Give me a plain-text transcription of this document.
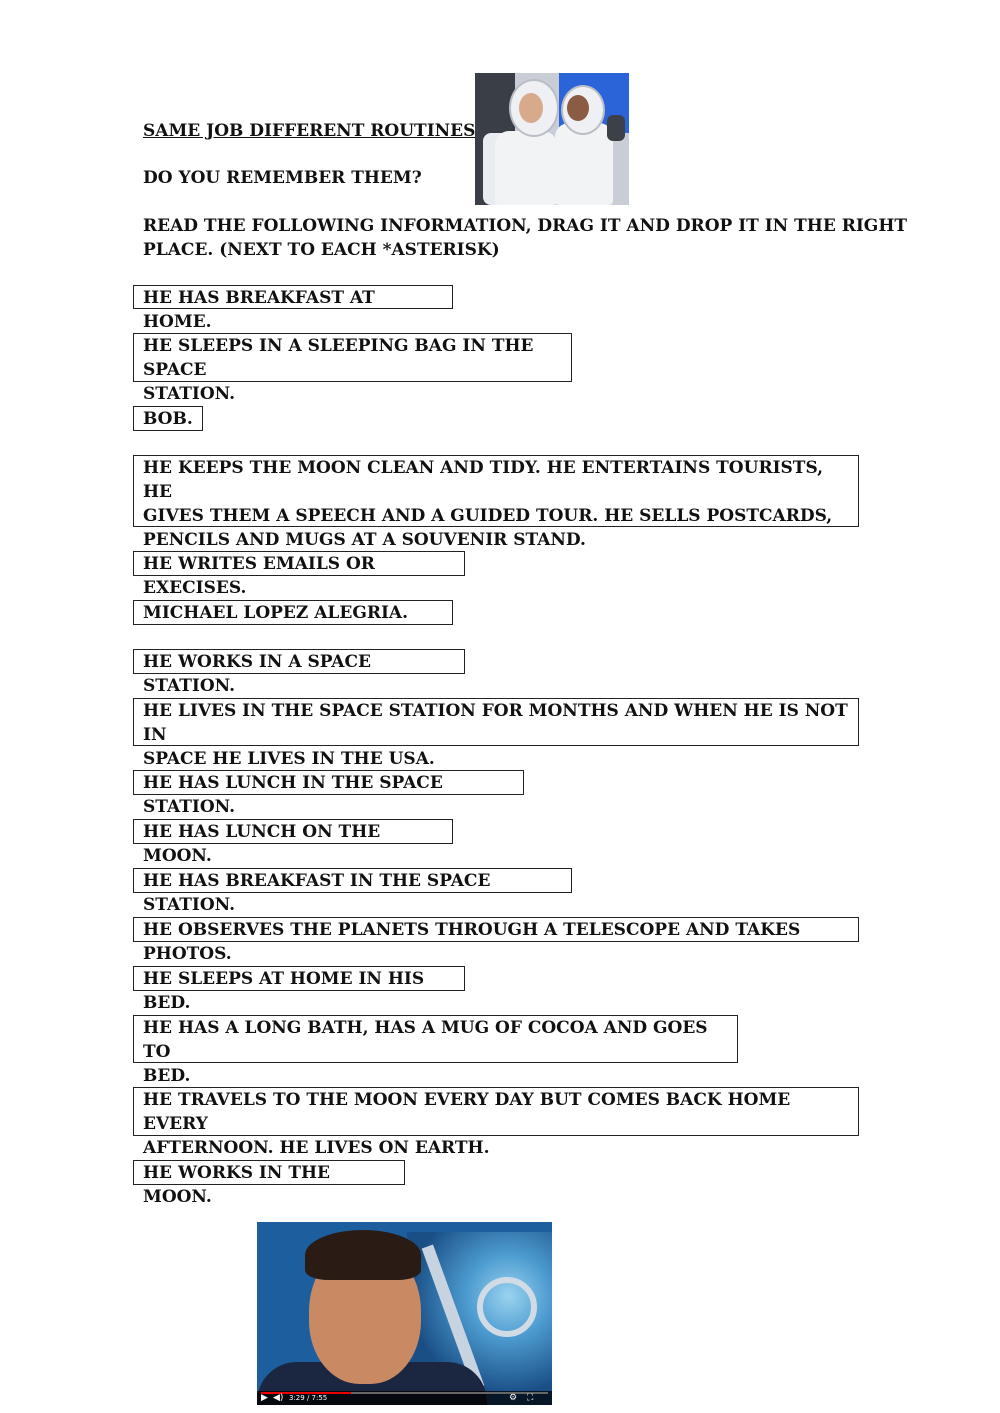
SAME JOB DIFFERENT ROUTINES
DO YOU REMEMBER THEM?
READ THE FOLLOWING INFORMATION, DRAG IT AND DROP IT IN THE RIGHT
PLACE. (NEXT TO EACH *ASTERISK)
HE HAS BREAKFAST AT HOME.
HE SLEEPS IN A SLEEPING BAG IN THE SPACE
STATION.
BOB.
HE KEEPS THE MOON CLEAN AND TIDY. HE ENTERTAINS TOURISTS, HE
GIVES THEM A SPEECH AND A GUIDED TOUR. HE SELLS POSTCARDS,
PENCILS AND MUGS AT A SOUVENIR STAND.
HE WRITES EMAILS OR EXECISES.
MICHAEL LOPEZ ALEGRIA.
HE WORKS IN A SPACE STATION.
HE LIVES IN THE SPACE STATION FOR MONTHS AND WHEN HE IS NOT IN
SPACE HE LIVES IN THE USA.
HE HAS LUNCH IN THE SPACE STATION.
HE HAS LUNCH ON THE MOON.
HE HAS BREAKFAST IN THE SPACE STATION.
HE OBSERVES THE PLANETS THROUGH A TELESCOPE AND TAKES PHOTOS.
HE SLEEPS AT HOME IN HIS BED.
HE HAS A LONG BATH, HAS A MUG OF COCOA AND GOES TO
BED.
HE TRAVELS TO THE MOON EVERY DAY BUT COMES BACK HOME EVERY
AFTERNOON. HE LIVES ON EARTH.
HE WORKS IN THE MOON.
▶ ◀) 3:29 / 7:55	⚙ ⛶
